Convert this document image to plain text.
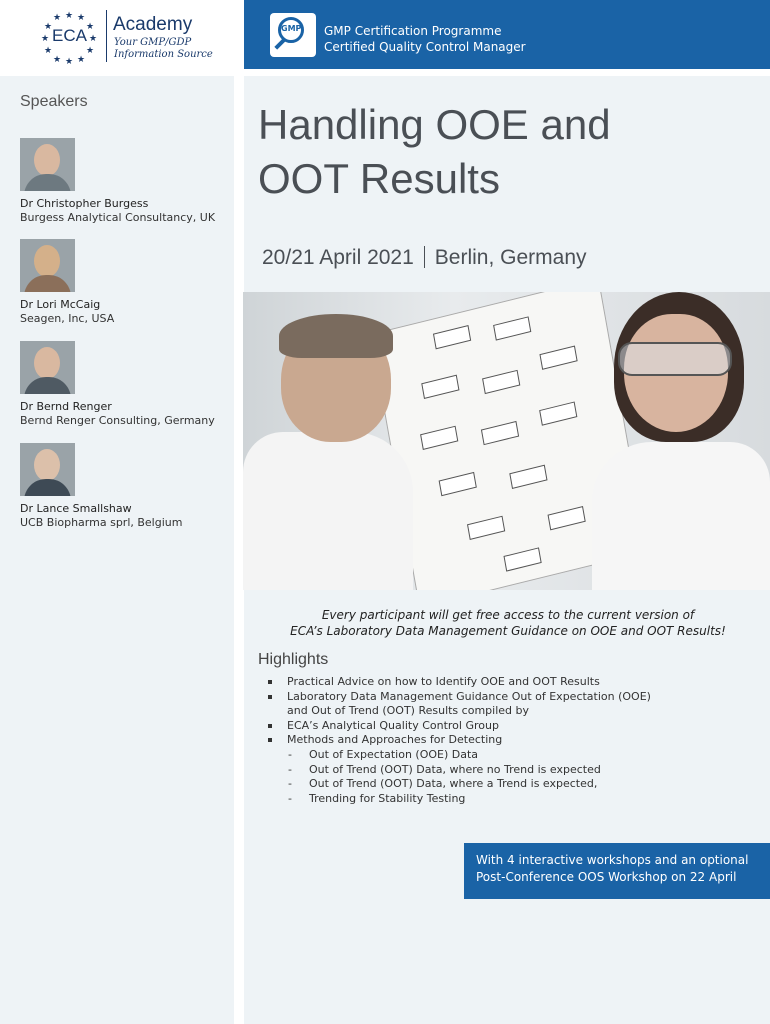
★ ★
★
★
★
★
★
★
★
★
★
★
ECA
Academy
Your GMP/GDP
Information Source
Speakers
Dr Christopher Burgess
Burgess Analytical Consultancy, UK
Dr Lori McCaig
Seagen, Inc, USA
Dr Bernd Renger
Bernd Renger Consulting, Germany
Dr Lance Smallshaw
UCB Biopharma sprl, Belgium
GMP GMP Certification Programme
Certified Quality Control Manager
Handling OOE and
OOT Results
20/21 April 2021 Berlin, Germany
Every participant will get free access to the current version of
ECA’s Laboratory Data Management Guidance on OOE and OOT Results!
Highlights
Practical Advice on how to Identify OOE and OOT Results
Laboratory Data Management Guidance Out of Expectation (OOE)
and Out of Trend (OOT) Results compiled by
ECA’s Analytical Quality Control Group
Methods and Approaches for Detecting
- Out of Expectation (OOE) Data
- Out of Trend (OOT) Data, where no Trend is expected
- Out of Trend (OOT) Data, where a Trend is expected,
- Trending for Stability Testing
With 4 interactive workshops and an optional
Post-Conference OOS Workshop on 22 April
